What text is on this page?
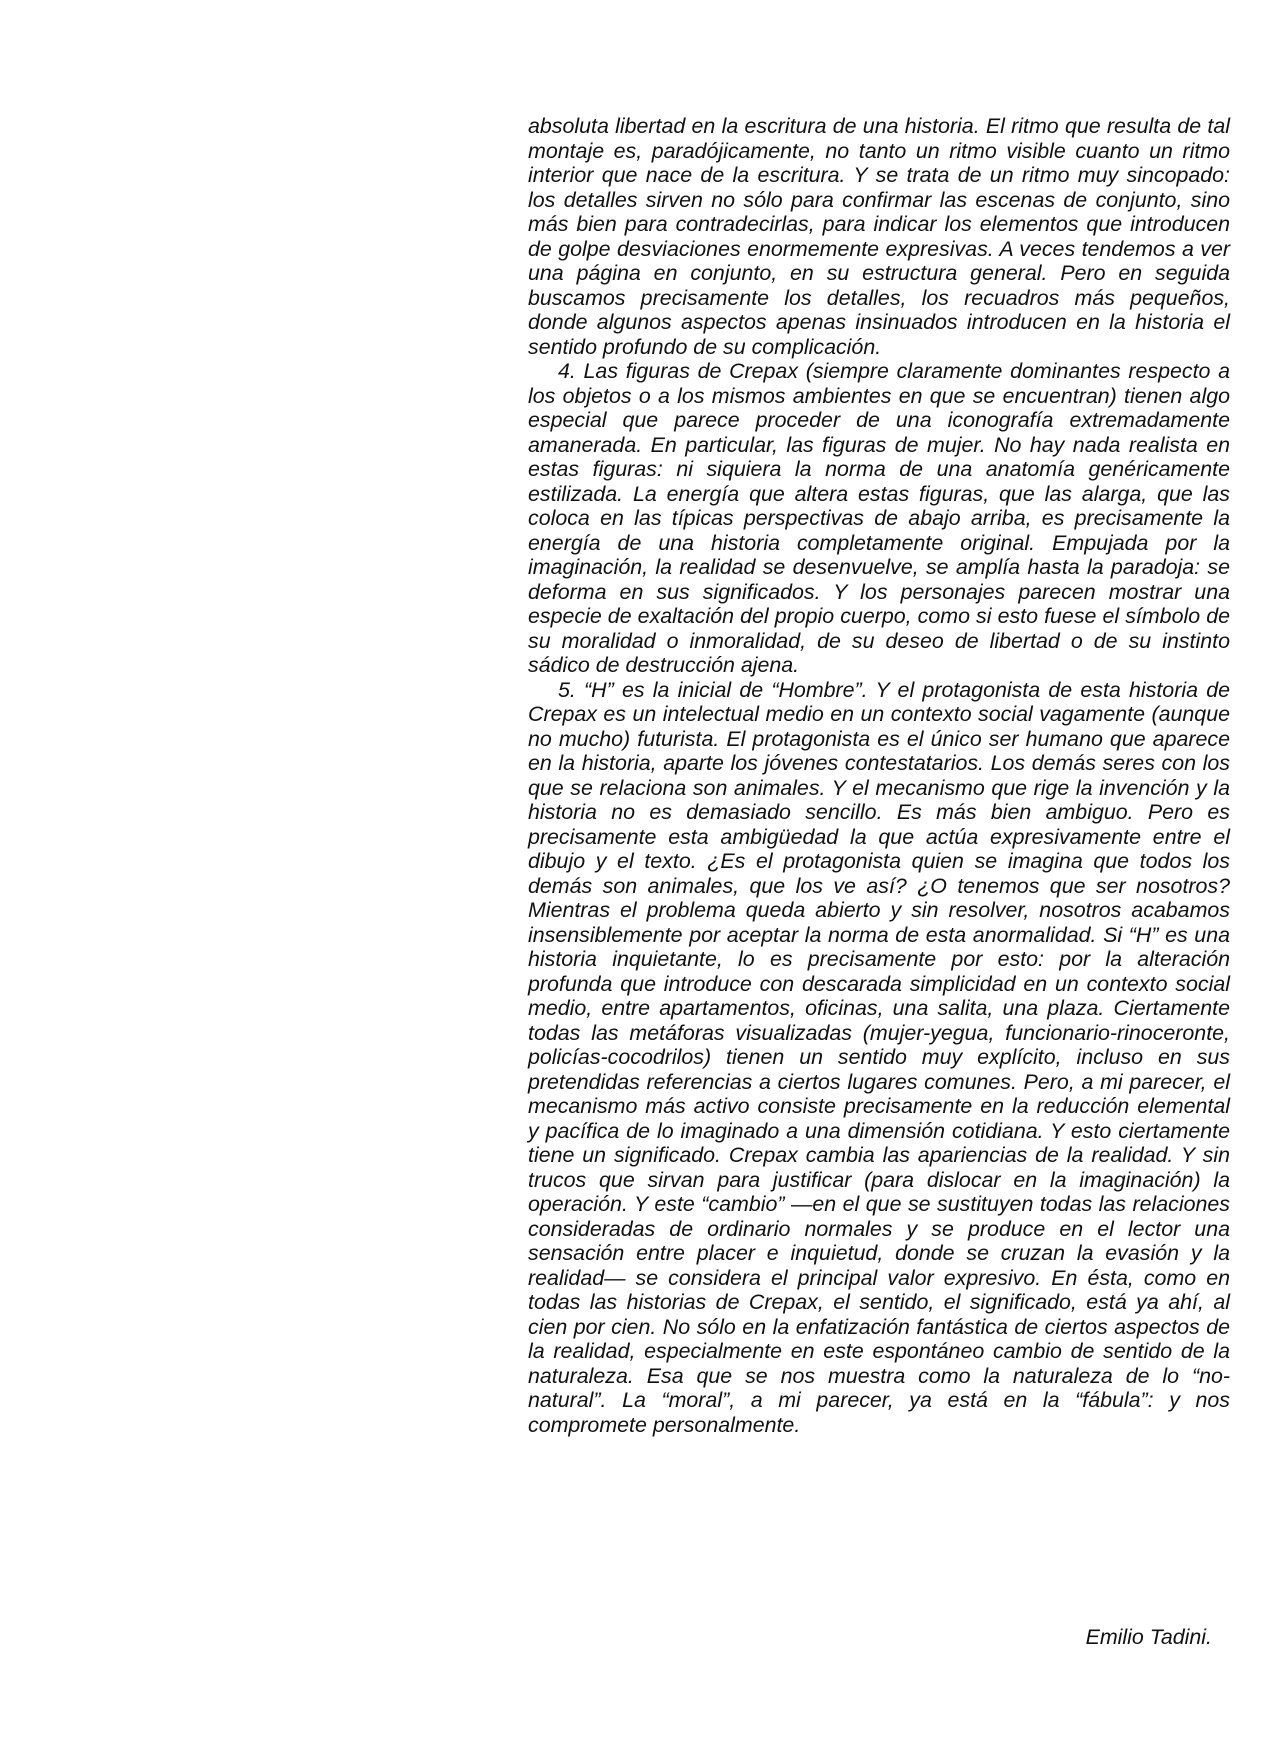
absoluta libertad en la escritura de una historia. El ritmo que resulta de tal montaje es, paradójicamente, no tanto un ritmo visible cuanto un ritmo interior que nace de la escritura. Y se trata de un ritmo muy sincopado: los detalles sirven no sólo para confirmar las escenas de conjunto, sino más bien para contradecirlas, para indicar los elementos que introducen de golpe desviaciones enormemente expresivas. A veces tendemos a ver una página en conjunto, en su estructura general. Pero en seguida buscamos precisamente los detalles, los recuadros más pequeños, donde algunos aspectos apenas insinuados introducen en la historia el sentido profundo de su complicación.

4. Las figuras de Crepax (siempre claramente dominantes respecto a los objetos o a los mismos ambientes en que se encuentran) tienen algo especial que parece proceder de una iconografía extremadamente amanerada. En particular, las figuras de mujer. No hay nada realista en estas figuras: ni siquiera la norma de una anatomía genéricamente estilizada. La energía que altera estas figuras, que las alarga, que las coloca en las típicas perspectivas de abajo arriba, es precisamente la energía de una historia completamente original. Empujada por la imaginación, la realidad se desenvuelve, se amplía hasta la paradoja: se deforma en sus significados. Y los personajes parecen mostrar una especie de exaltación del propio cuerpo, como si esto fuese el símbolo de su moralidad o inmoralidad, de su deseo de libertad o de su instinto sádico de destrucción ajena.

5. “H” es la inicial de “Hombre”. Y el protagonista de esta historia de Crepax es un intelectual medio en un contexto social vagamente (aunque no mucho) futurista. El protagonista es el único ser humano que aparece en la historia, aparte los jóvenes contestatarios. Los demás seres con los que se relaciona son animales. Y el mecanismo que rige la invención y la historia no es demasiado sencillo. Es más bien ambiguo. Pero es precisamente esta ambigüedad la que actúa expresivamente entre el dibujo y el texto. ¿Es el protagonista quien se imagina que todos los demás son animales, que los ve así? ¿O tenemos que ser nosotros? Mientras el problema queda abierto y sin resolver, nosotros acabamos insensiblemente por aceptar la norma de esta anormalidad. Si “H” es una historia inquietante, lo es precisamente por esto: por la alteración profunda que introduce con descarada simplicidad en un contexto social medio, entre apartamentos, oficinas, una salita, una plaza. Ciertamente todas las metáforas visualizadas (mujer-yegua, funcionario-rinoceronte, policías-cocodrilos) tienen un sentido muy explícito, incluso en sus pretendidas referencias a ciertos lugares comunes. Pero, a mi parecer, el mecanismo más activo consiste precisamente en la reducción elemental y pacífica de lo imaginado a una dimensión cotidiana. Y esto ciertamente tiene un significado. Crepax cambia las apariencias de la realidad. Y sin trucos que sirvan para justificar (para dislocar en la imaginación) la operación. Y este “cambio” —en el que se sustituyen todas las relaciones consideradas de ordinario normales y se produce en el lector una sensación entre placer e inquietud, donde se cruzan la evasión y la realidad— se considera el principal valor expresivo. En ésta, como en todas las historias de Crepax, el sentido, el significado, está ya ahí, al cien por cien. No sólo en la enfatización fantástica de ciertos aspectos de la realidad, especialmente en este espontáneo cambio de sentido de la naturaleza. Esa que se nos muestra como la naturaleza de lo “no-natural”. La “moral”, a mi parecer, ya está en la “fábula”: y nos compromete personalmente.

Emilio Tadini.
